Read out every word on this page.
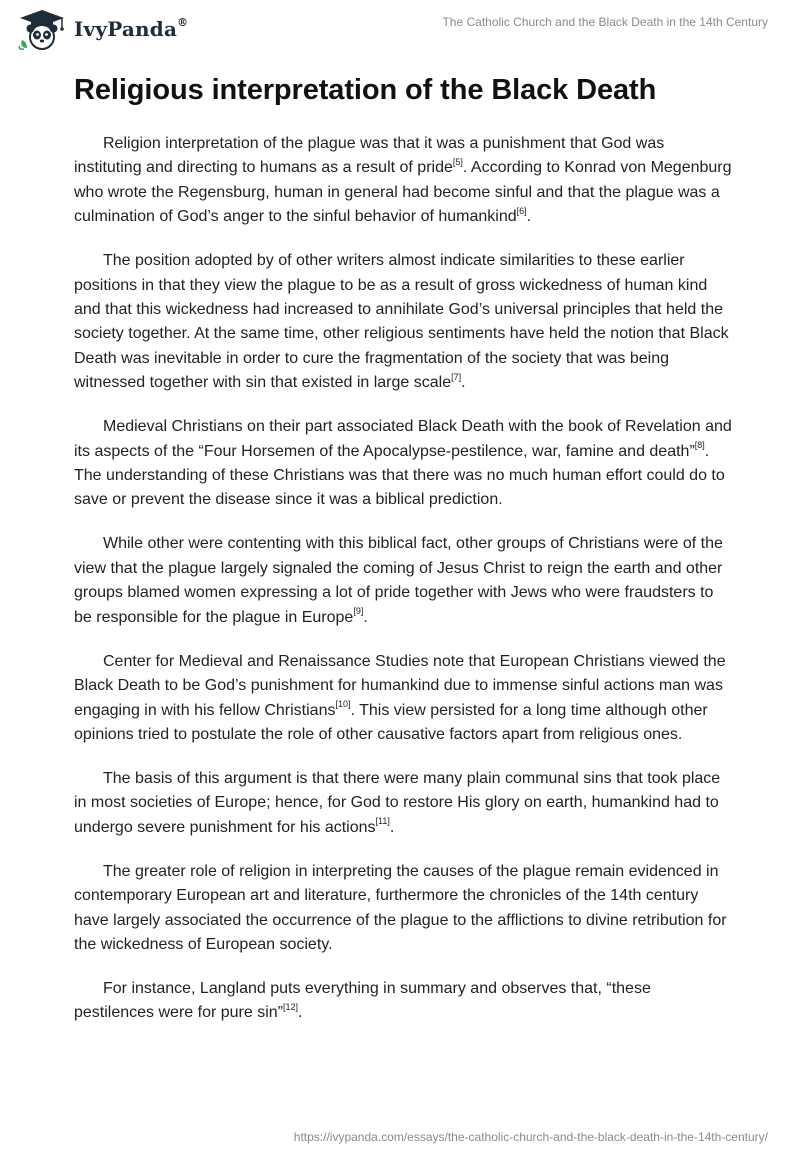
IvyPanda®	The Catholic Church and the Black Death in the 14th Century
Religious interpretation of the Black Death

Religion interpretation of the plague was that it was a punishment that God was instituting and directing to humans as a result of pride[5]. According to Konrad von Megenburg who wrote the Regensburg, human in general had become sinful and that the plague was a culmination of God’s anger to the sinful behavior of humankind[6].

The position adopted by of other writers almost indicate similarities to these earlier positions in that they view the plague to be as a result of gross wickedness of human kind and that this wickedness had increased to annihilate God’s universal principles that held the society together. At the same time, other religious sentiments have held the notion that Black Death was inevitable in order to cure the fragmentation of the society that was being witnessed together with sin that existed in large scale[7].

Medieval Christians on their part associated Black Death with the book of Revelation and its aspects of the “Four Horsemen of the Apocalypse-pestilence, war, famine and death”[8]. The understanding of these Christians was that there was no much human effort could do to save or prevent the disease since it was a biblical prediction.

While other were contenting with this biblical fact, other groups of Christians were of the view that the plague largely signaled the coming of Jesus Christ to reign the earth and other groups blamed women expressing a lot of pride together with Jews who were fraudsters to be responsible for the plague in Europe[9].

Center for Medieval and Renaissance Studies note that European Christians viewed the Black Death to be God’s punishment for humankind due to immense sinful actions man was engaging in with his fellow Christians[10]. This view persisted for a long time although other opinions tried to postulate the role of other causative factors apart from religious ones.

The basis of this argument is that there were many plain communal sins that took place in most societies of Europe; hence, for God to restore His glory on earth, humankind had to undergo severe punishment for his actions[11].

The greater role of religion in interpreting the causes of the plague remain evidenced in contemporary European art and literature, furthermore the chronicles of the 14th century have largely associated the occurrence of the plague to the afflictions to divine retribution for the wickedness of European society.

For instance, Langland puts everything in summary and observes that, “these pestilences were for pure sin”[12].

https://ivypanda.com/essays/the-catholic-church-and-the-black-death-in-the-14th-century/
